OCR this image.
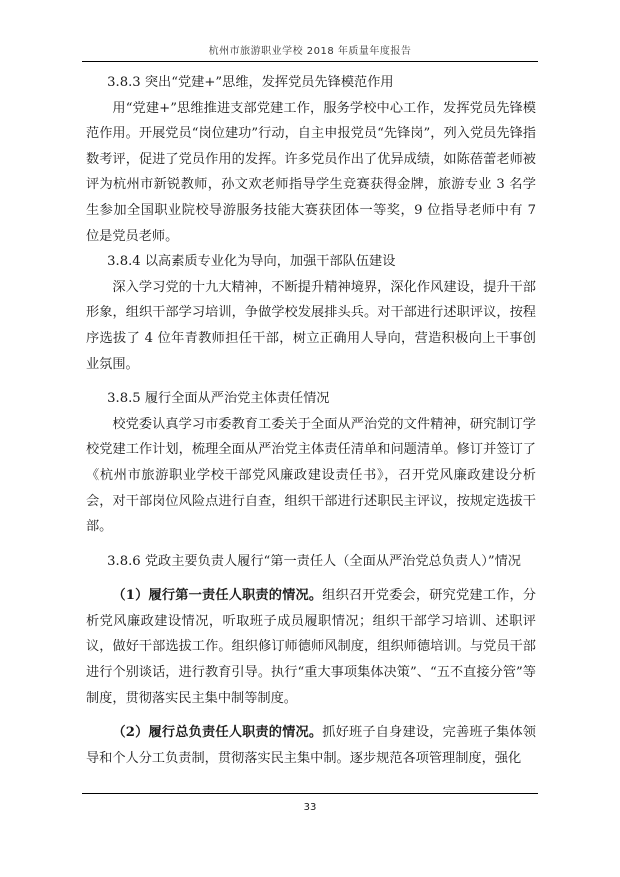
杭州市旅游职业学校 2018 年质量年度报告

3.8.3 突出“党建+”思维，发挥党员先锋模范作用

用“党建+”思维推进支部党建工作，服务学校中心工作，发挥党员先锋模范作用。开展党员“岗位建功”行动，自主申报党员“先锋岗”，列入党员先锋指数考评，促进了党员作用的发挥。许多党员作出了优异成绩，如陈蓓蕾老师被评为杭州市新锐教师，孙文欢老师指导学生竞赛获得金牌，旅游专业 3 名学生参加全国职业院校导游服务技能大赛获团体一等奖，9 位指导老师中有 7 位是党员老师。

3.8.4 以高素质专业化为导向，加强干部队伍建设

深入学习党的十九大精神，不断提升精神境界，深化作风建设，提升干部形象，组织干部学习培训，争做学校发展排头兵。对干部进行述职评议，按程序选拔了 4 位年青教师担任干部，树立正确用人导向，营造积极向上干事创业氛围。

3.8.5 履行全面从严治党主体责任情况

校党委认真学习市委教育工委关于全面从严治党的文件精神，研究制订学校党建工作计划，梳理全面从严治党主体责任清单和问题清单。修订并签订了《杭州市旅游职业学校干部党风廉政建设责任书》，召开党风廉政建设分析会，对干部岗位风险点进行自查，组织干部进行述职民主评议，按规定选拔干部。

3.8.6 党政主要负责人履行“第一责任人（全面从严治党总负责人）”情况

（1）履行第一责任人职责的情况。组织召开党委会，研究党建工作，分析党风廉政建设情况，听取班子成员履职情况；组织干部学习培训、述职评议，做好干部选拔工作。组织修订师德师风制度，组织师德培训。与党员干部进行个别谈话，进行教育引导。执行“重大事项集体决策”、“五不直接分管”等制度，贯彻落实民主集中制等制度。

（2）履行总负责任人职责的情况。抓好班子自身建设，完善班子集体领导和个人分工负责制，贯彻落实民主集中制。逐步规范各项管理制度，强化

33
